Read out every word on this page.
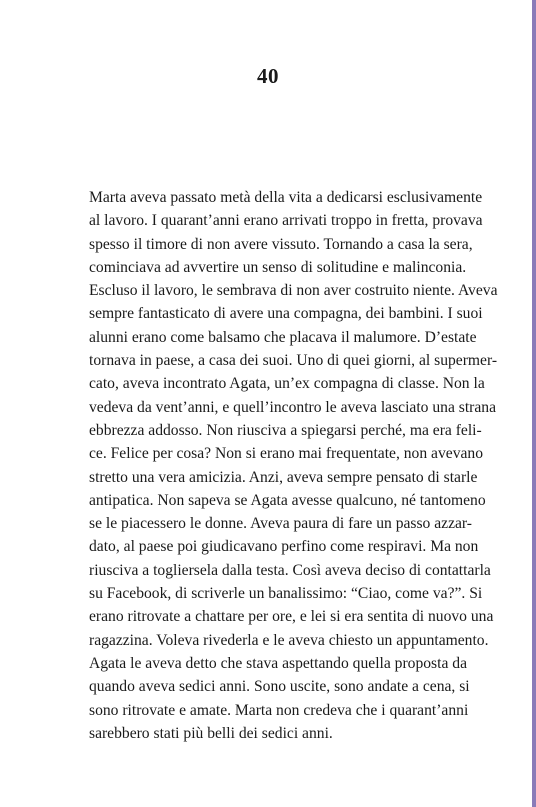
40
Marta aveva passato metà della vita a dedicarsi esclusivamente
al lavoro. I quarant’anni erano arrivati troppo in fretta, provava
spesso il timore di non avere vissuto. Tornando a casa la sera,
cominciava ad avvertire un senso di solitudine e malinconia.
Escluso il lavoro, le sembrava di non aver costruito niente. Aveva
sempre fantasticato di avere una compagna, dei bambini. I suoi
alunni erano come balsamo che placava il malumore. D’estate
tornava in paese, a casa dei suoi. Uno di quei giorni, al supermer-
cato, aveva incontrato Agata, un’ex compagna di classe. Non la
vedeva da vent’anni, e quell’incontro le aveva lasciato una strana
ebbrezza addosso. Non riusciva a spiegarsi perché, ma era feli-
ce. Felice per cosa? Non si erano mai frequentate, non avevano
stretto una vera amicizia. Anzi, aveva sempre pensato di starle
antipatica. Non sapeva se Agata avesse qualcuno, né tantomeno
se le piacessero le donne. Aveva paura di fare un passo azzar-
dato, al paese poi giudicavano perfino come respiravi. Ma non
riusciva a togliersela dalla testa. Così aveva deciso di contattarla
su Facebook, di scriverle un banalissimo: “Ciao, come va?”. Si
erano ritrovate a chattare per ore, e lei si era sentita di nuovo una
ragazzina. Voleva rivederla e le aveva chiesto un appuntamento.
Agata le aveva detto che stava aspettando quella proposta da
quando aveva sedici anni. Sono uscite, sono andate a cena, si
sono ritrovate e amate. Marta non credeva che i quarant’anni
sarebbero stati più belli dei sedici anni.
